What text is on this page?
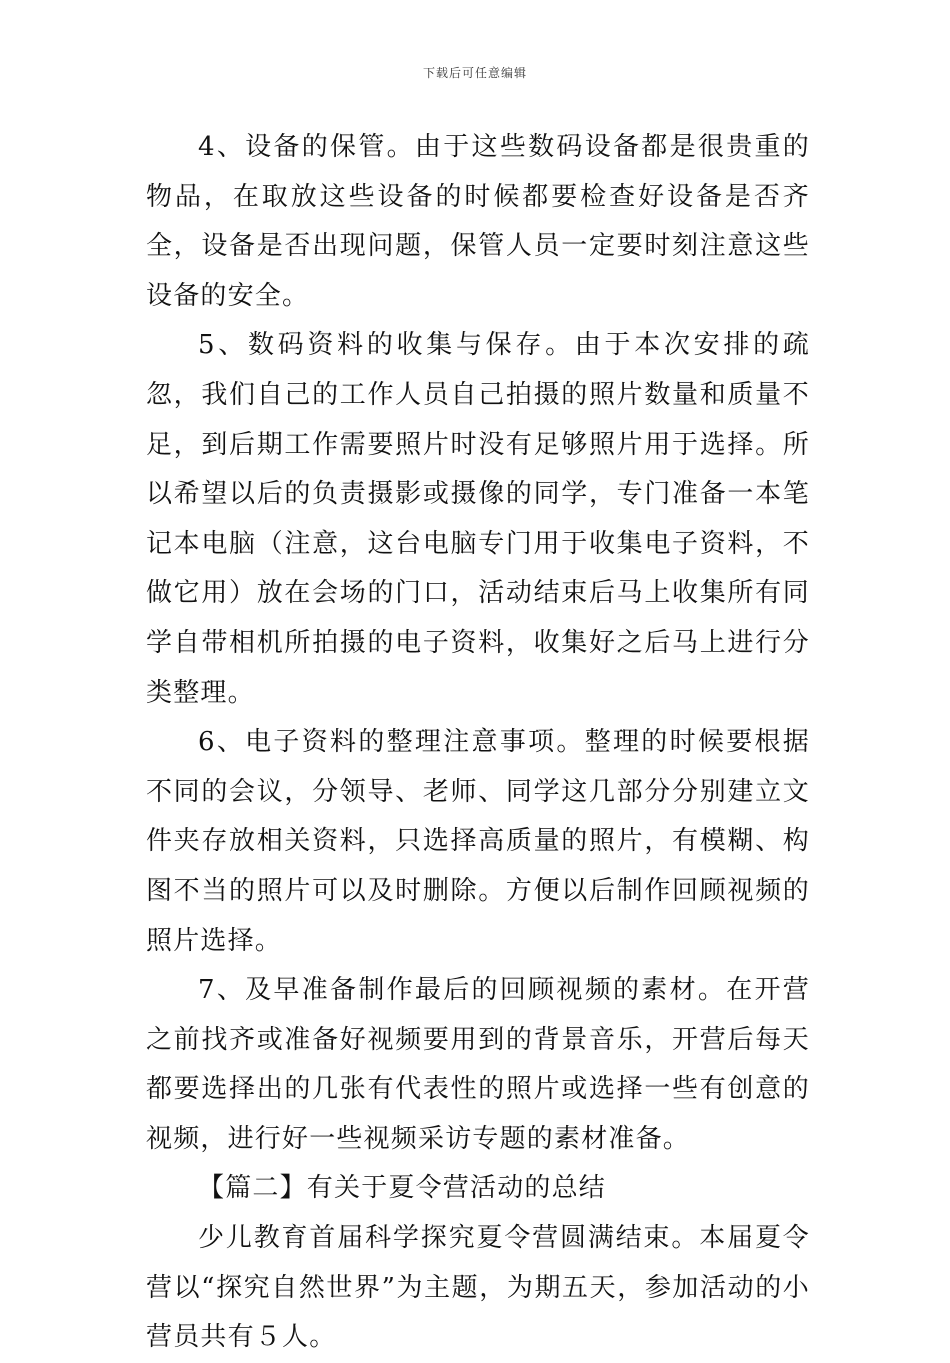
下载后可任意编辑

4、设备的保管。由于这些数码设备都是很贵重的物品，在取放这些设备的时候都要检查好设备是否齐全，设备是否出现问题，保管人员一定要时刻注意这些设备的安全。

5、数码资料的收集与保存。由于本次安排的疏忽，我们自己的工作人员自己拍摄的照片数量和质量不足，到后期工作需要照片时没有足够照片用于选择。所以希望以后的负责摄影或摄像的同学，专门准备一本笔记本电脑（注意，这台电脑专门用于收集电子资料，不做它用）放在会场的门口，活动结束后马上收集所有同学自带相机所拍摄的电子资料，收集好之后马上进行分类整理。

6、电子资料的整理注意事项。整理的时候要根据不同的会议，分领导、老师、同学这几部分分别建立文件夹存放相关资料，只选择高质量的照片，有模糊、构图不当的照片可以及时删除。方便以后制作回顾视频的照片选择。

7、及早准备制作最后的回顾视频的素材。在开营之前找齐或准备好视频要用到的背景音乐，开营后每天都要选择出的几张有代表性的照片或选择一些有创意的视频，进行好一些视频采访专题的素材准备。

【篇二】有关于夏令营活动的总结

少儿教育首届科学探究夏令营圆满结束。本届夏令营以“探究自然世界”为主题，为期五天，参加活动的小营员共有５人。
